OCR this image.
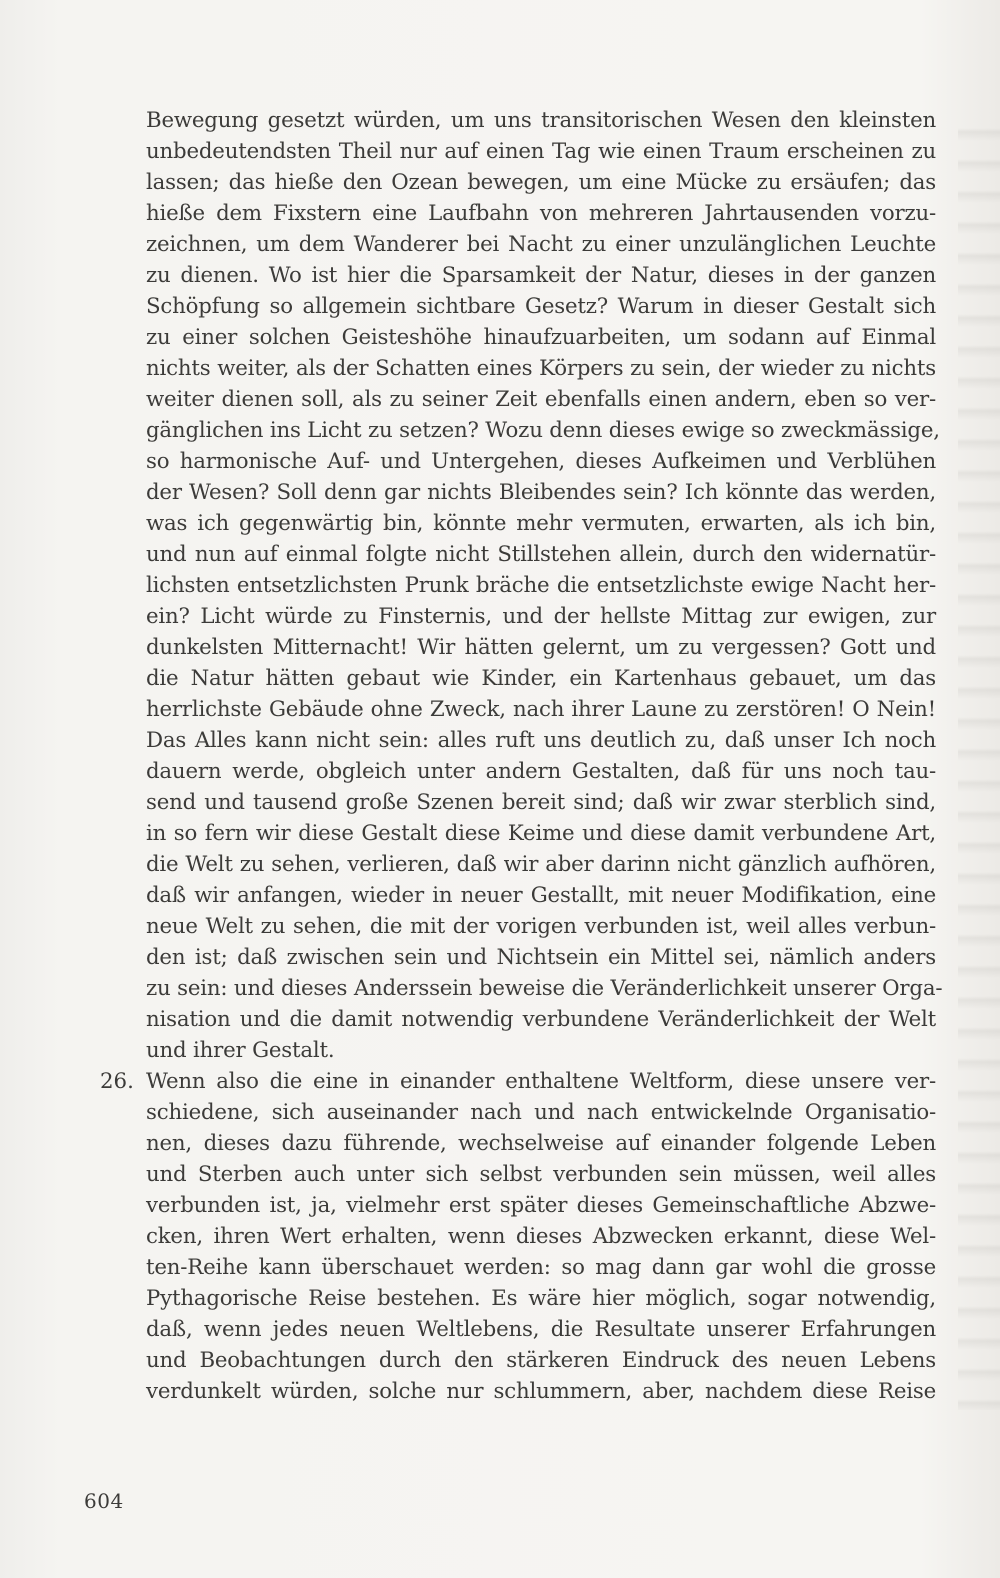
Bewegung gesetzt würden, um uns transitorischen Wesen den kleinsten
unbedeutendsten Theil nur auf einen Tag wie einen Traum erscheinen zu
lassen; das hieße den Ozean bewegen, um eine Mücke zu ersäufen; das
hieße dem Fixstern eine Laufbahn von mehreren Jahrtausenden vorzu-
zeichnen, um dem Wanderer bei Nacht zu einer unzulänglichen Leuchte
zu dienen. Wo ist hier die Sparsamkeit der Natur, dieses in der ganzen
Schöpfung so allgemein sichtbare Gesetz? Warum in dieser Gestalt sich
zu einer solchen Geisteshöhe hinaufzuarbeiten, um sodann auf Einmal
nichts weiter, als der Schatten eines Körpers zu sein, der wieder zu nichts
weiter dienen soll, als zu seiner Zeit ebenfalls einen andern, eben so ver-
gänglichen ins Licht zu setzen? Wozu denn dieses ewige so zweckmässige,
so harmonische Auf- und Untergehen, dieses Aufkeimen und Verblühen
der Wesen? Soll denn gar nichts Bleibendes sein? Ich könnte das werden,
was ich gegenwärtig bin, könnte mehr vermuten, erwarten, als ich bin,
und nun auf einmal folgte nicht Stillstehen allein, durch den widernatür-
lichsten entsetzlichsten Prunk bräche die entsetzlichste ewige Nacht her-
ein? Licht würde zu Finsternis, und der hellste Mittag zur ewigen, zur
dunkelsten Mitternacht! Wir hätten gelernt, um zu vergessen? Gott und
die Natur hätten gebaut wie Kinder, ein Kartenhaus gebauet, um das
herrlichste Gebäude ohne Zweck, nach ihrer Laune zu zerstören! O Nein!
Das Alles kann nicht sein: alles ruft uns deutlich zu, daß unser Ich noch
dauern werde, obgleich unter andern Gestalten, daß für uns noch tau-
send und tausend große Szenen bereit sind; daß wir zwar sterblich sind,
in so fern wir diese Gestalt diese Keime und diese damit verbundene Art,
die Welt zu sehen, verlieren, daß wir aber darinn nicht gänzlich aufhören,
daß wir anfangen, wieder in neuer Gestallt, mit neuer Modifikation, eine
neue Welt zu sehen, die mit der vorigen verbunden ist, weil alles verbun-
den ist; daß zwischen sein und Nichtsein ein Mittel sei, nämlich anders
zu sein: und dieses Anderssein beweise die Veränderlichkeit unserer Orga-
nisation und die damit notwendig verbundene Veränderlichkeit der Welt
und ihrer Gestalt.
26. Wenn also die eine in einander enthaltene Weltform, diese unsere ver-
schiedene, sich auseinander nach und nach entwickelnde Organisatio-
nen, dieses dazu führende, wechselweise auf einander folgende Leben
und Sterben auch unter sich selbst verbunden sein müssen, weil alles
verbunden ist, ja, vielmehr erst später dieses Gemeinschaftliche Abzwe-
cken, ihren Wert erhalten, wenn dieses Abzwecken erkannt, diese Wel-
ten-Reihe kann überschauet werden: so mag dann gar wohl die grosse
Pythagorische Reise bestehen. Es wäre hier möglich, sogar notwendig,
daß, wenn jedes neuen Weltlebens, die Resultate unserer Erfahrungen
und Beobachtungen durch den stärkeren Eindruck des neuen Lebens
verdunkelt würden, solche nur schlummern, aber, nachdem diese Reise
604
